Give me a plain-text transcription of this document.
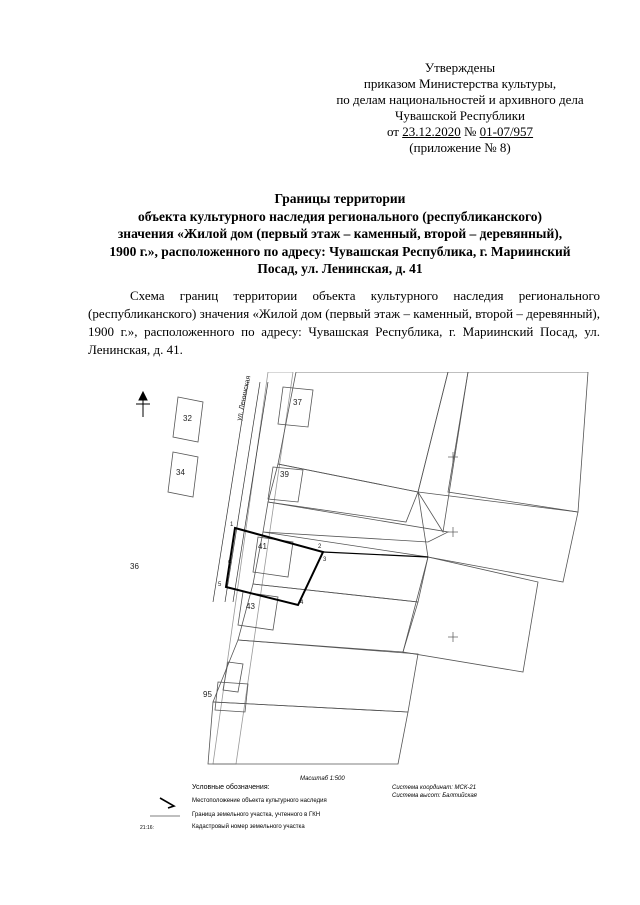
Утверждены
приказом Министерства культуры,
по делам национальностей и архивного дела
Чувашской Республики
от 23.12.2020 № 01-07/957
(приложение № 8)
Границы территории
объекта культурного наследия регионального (республиканского)
значения «Жилой дом (первый этаж – каменный, второй – деревянный),
1900 г.», расположенного по адресу: Чувашская Республика, г. Мариинский
Посад, ул. Ленинская, д. 41
Схема границ территории объекта культурного наследия регионального (республиканского) значения «Жилой дом (первый этаж – каменный, второй – деревянный), 1900 г.», расположенного по адресу: Чувашская Республика, г. Мариинский Посад, ул. Ленинская, д. 41.
ул. Ленинская	37
39
41
43
32
34
36
95
1
2
3
4
5
6
Масштаб 1:500
Система координат: МСК-21
Система высот: Балтийская
Условные обозначения:
Местоположение объекта культурного наследия
Граница земельного участка, учтенного в ГКН
21:16:	Кадастровый номер земельного участка
